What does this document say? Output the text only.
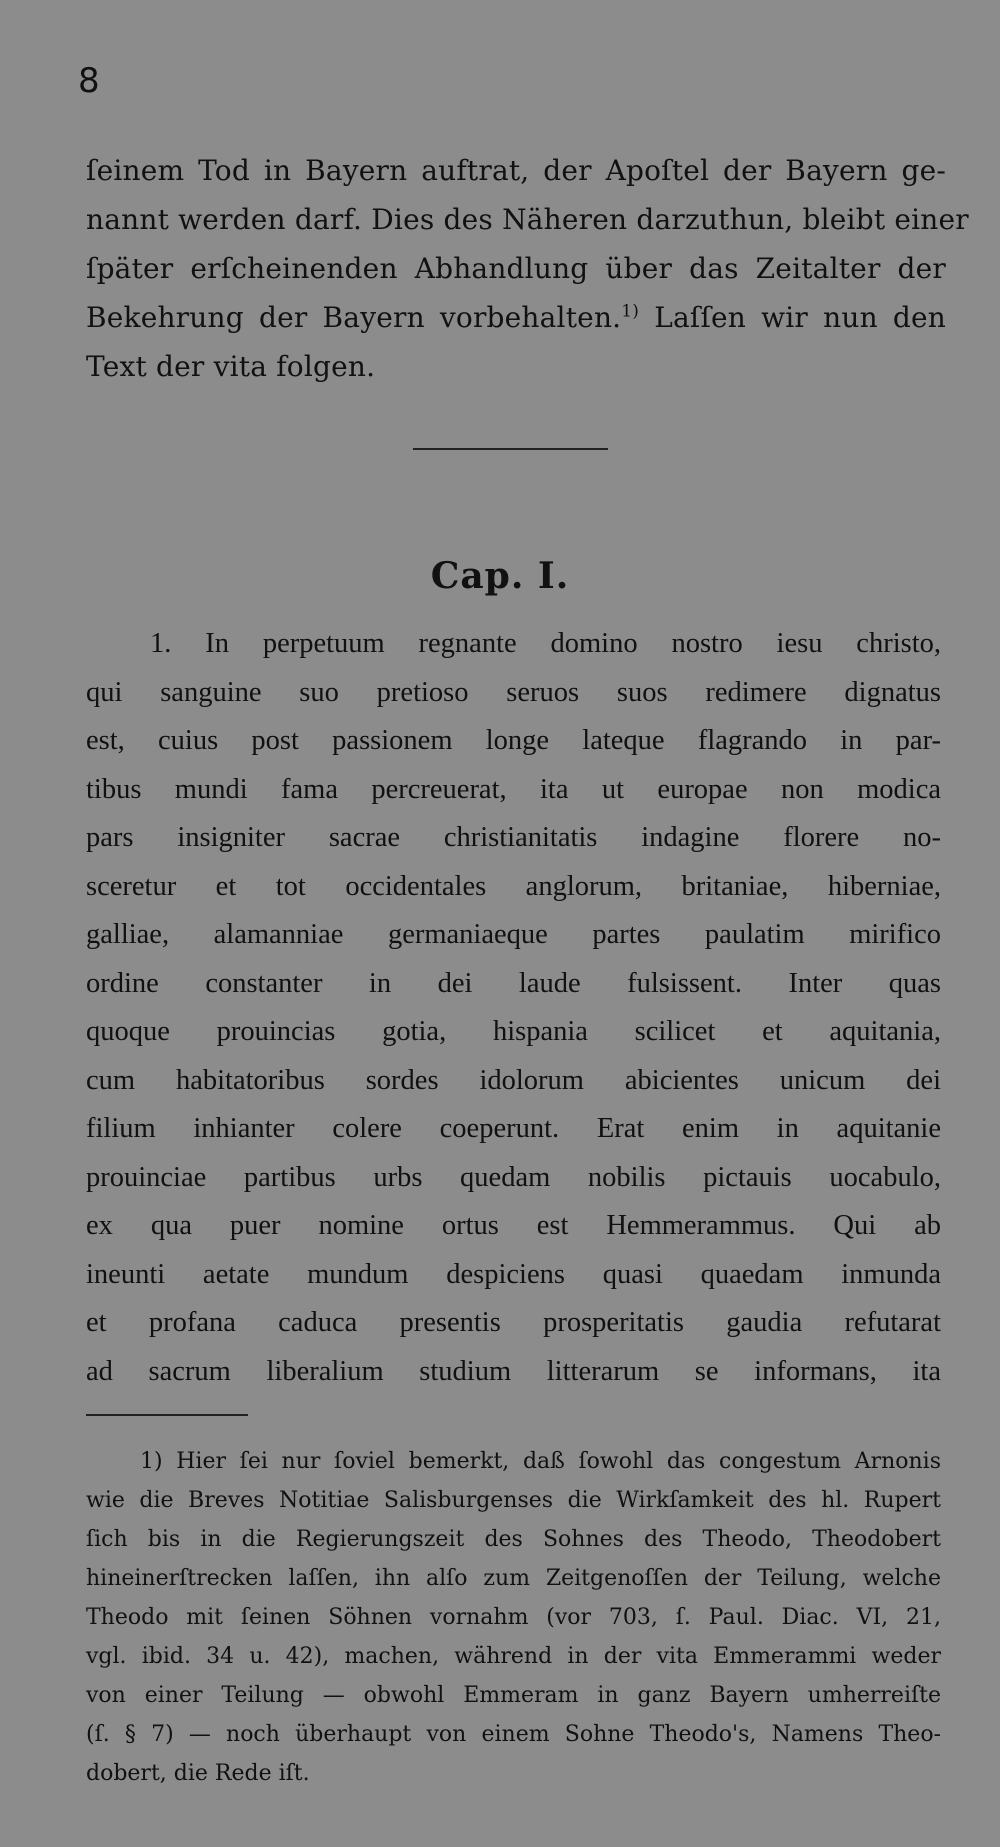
8
ſeinem Tod in Bayern auftrat, der Apoſtel der Bayern ge-
nannt werden darf. Dies des Näheren darzuthun, bleibt einer
ſpäter erſcheinenden Abhandlung über das Zeitalter der
Bekehrung der Bayern vorbehalten.$^{1)}$ Laſſen wir nun den
Text der vita folgen.
Cap. I.
1. In perpetuum regnante domino nostro iesu christo,
qui sanguine suo pretioso seruos suos redimere dignatus
est, cuius post passionem longe lateque flagrando in par-
tibus mundi fama percreuerat, ita ut europae non modica
pars insigniter sacrae christianitatis indagine florere no-
sceretur et tot occidentales anglorum, britaniae, hiberniae,
galliae, alamanniae germaniaeque partes paulatim mirifico
ordine constanter in dei laude fulsissent. Inter quas
quoque prouincias gotia, hispania scilicet et aquitania,
cum habitatoribus sordes idolorum abicientes unicum dei
filium inhianter colere coeperunt. Erat enim in aquitanie
prouinciae partibus urbs quedam nobilis pictauis uocabulo,
ex qua puer nomine ortus est Hemmerammus. Qui ab
ineunti aetate mundum despiciens quasi quaedam inmunda
et profana caduca presentis prosperitatis gaudia refutarat
ad sacrum liberalium studium litterarum se informans, ita
1) Hier ſei nur ſoviel bemerkt, daß ſowohl das congestum Arnonis
wie die Breves Notitiae Salisburgenses die Wirkſamkeit des hl. Rupert
ſich bis in die Regierungszeit des Sohnes des Theodo, Theodobert
hineinerſtrecken laſſen, ihn alſo zum Zeitgenoſſen der Teilung, welche
Theodo mit ſeinen Söhnen vornahm (vor 703, ſ. Paul. Diac. VI, 21,
vgl. ibid. 34 u. 42), machen, während in der vita Emmerammi weder
von einer Teilung — obwohl Emmeram in ganz Bayern umherreiſte
(ſ. § 7) — noch überhaupt von einem Sohne Theodo's, Namens Theo-
dobert, die Rede iſt.
